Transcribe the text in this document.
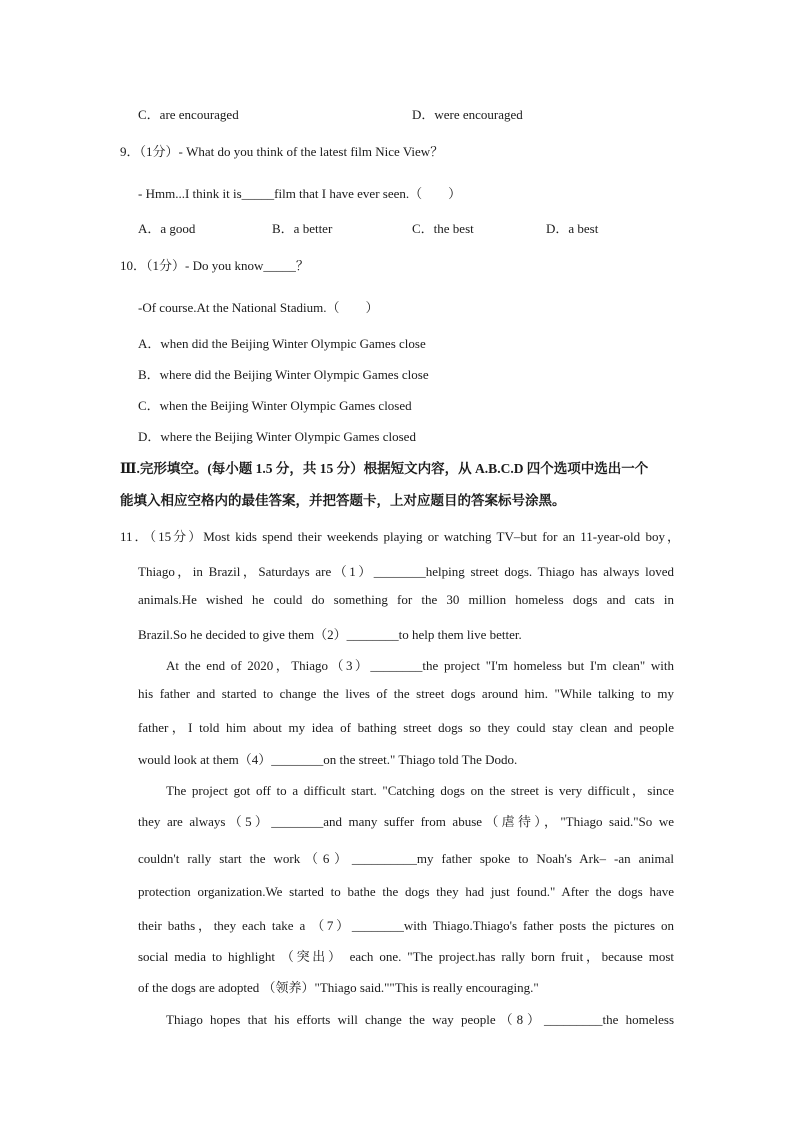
C．are encouraged	D．were encouraged
9．（1分）- What do you think of the latest film Nice View？
- Hmm...I think it is_____film that I have ever seen.（　　）
A．a good	B．a better	C．the best	D．a best
10．（1分）- Do you know_____？
-Of course.At the National Stadium.（　　）
A．when did the Beijing Winter Olympic Games close
B．where did the Beijing Winter Olympic Games close
C．when the Beijing Winter Olympic Games closed
D．where the Beijing Winter Olympic Games closed
Ⅲ.完形填空。(每小题 1.5 分，共 15 分）根据短文内容，从 A.B.C.D 四个选项中选出一个
能填入相应空格内的最佳答案，并把答题卡，上对应题目的答案标号涂黑。
11．（15分）Most kids spend their weekends playing or watching TV–but for an 11-year-old boy，
Thiago，in Brazil，Saturdays are（1）________helping street dogs. Thiago has always loved
animals.He wished he could do something for the 30 million homeless dogs and cats in
Brazil.So he decided to give them（2）________to help them live better.
At the end of 2020，Thiago（3）________the project "I'm homeless but I'm clean" with
his father and started to change the lives of the street dogs around him. "While talking to my
father，I told him about my idea of bathing street dogs so they could stay clean and people
would look at them（4）________on the street." Thiago told The Dodo.
The project got off to a difficult start. "Catching dogs on the street is very difficult，since
they are always（5）________and many suffer from abuse（虐待），"Thiago said."So we
couldn't rally start the work（6）__________my father spoke to Noah's Ark– -an animal
protection organization.We started to bathe the dogs they had just found." After the dogs have
their baths，they each take a （7）________with Thiago.Thiago's father posts the pictures on
social media to highlight （突出） each one. "The project.has rally born fruit，because most
of the dogs are adopted （领养）"Thiago said.""This is really encouraging."
Thiago hopes that his efforts will change the way people（8）_________the homeless
